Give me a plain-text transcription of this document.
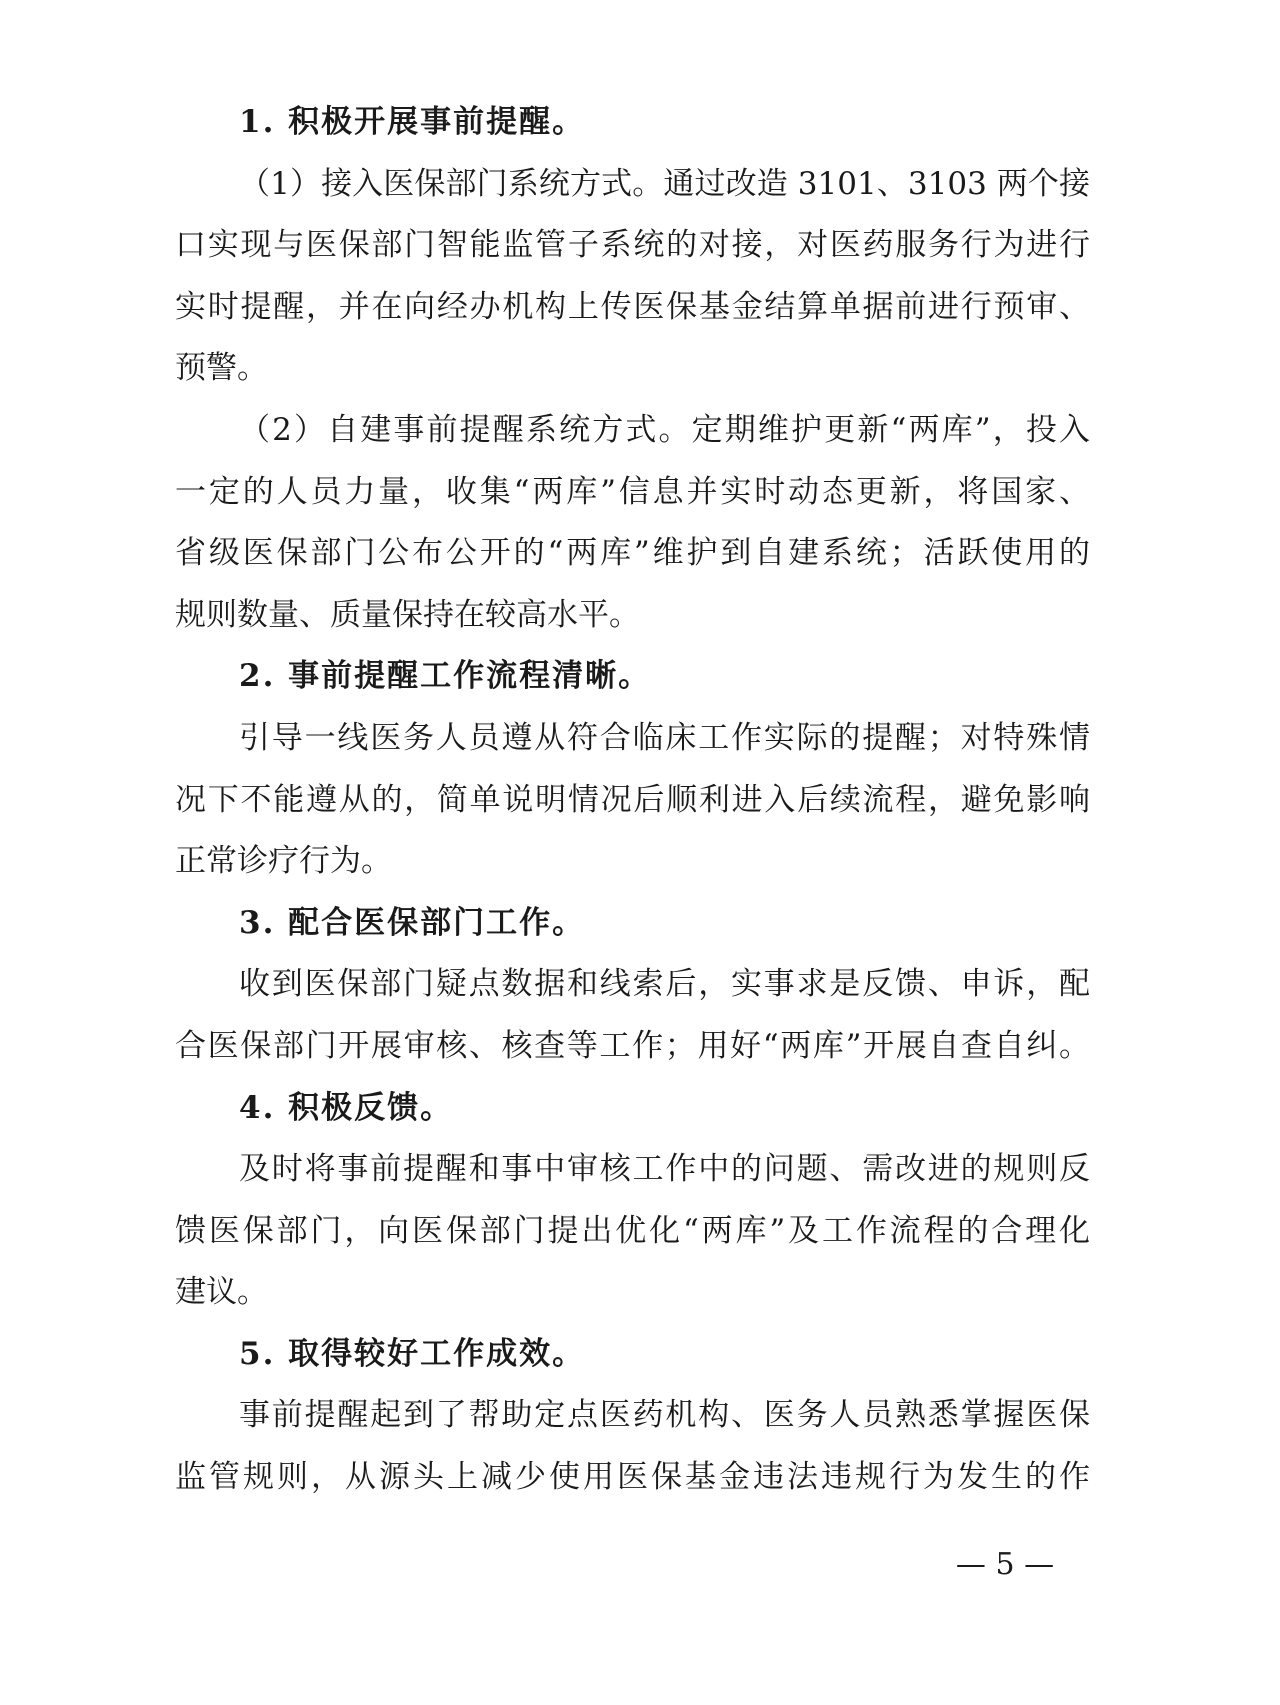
1. 积极开展事前提醒。
（1）接入医保部门系统方式。通过改造 3101、3103 两个接
口实现与医保部门智能监管子系统的对接，对医药服务行为进行
实时提醒，并在向经办机构上传医保基金结算单据前进行预审、
预警。
（2）自建事前提醒系统方式。定期维护更新“两库”，投入
一定的人员力量，收集“两库”信息并实时动态更新，将国家、
省级医保部门公布公开的“两库”维护到自建系统；活跃使用的
规则数量、质量保持在较高水平。
2. 事前提醒工作流程清晰。
引导一线医务人员遵从符合临床工作实际的提醒；对特殊情
况下不能遵从的，简单说明情况后顺利进入后续流程，避免影响
正常诊疗行为。
3. 配合医保部门工作。
收到医保部门疑点数据和线索后，实事求是反馈、申诉，配
合医保部门开展审核、核查等工作；用好“两库”开展自查自纠。
4. 积极反馈。
及时将事前提醒和事中审核工作中的问题、需改进的规则反
馈医保部门，向医保部门提出优化“两库”及工作流程的合理化
建议。
5. 取得较好工作成效。
事前提醒起到了帮助定点医药机构、医务人员熟悉掌握医保
监管规则，从源头上减少使用医保基金违法违规行为发生的作
— 5 —
